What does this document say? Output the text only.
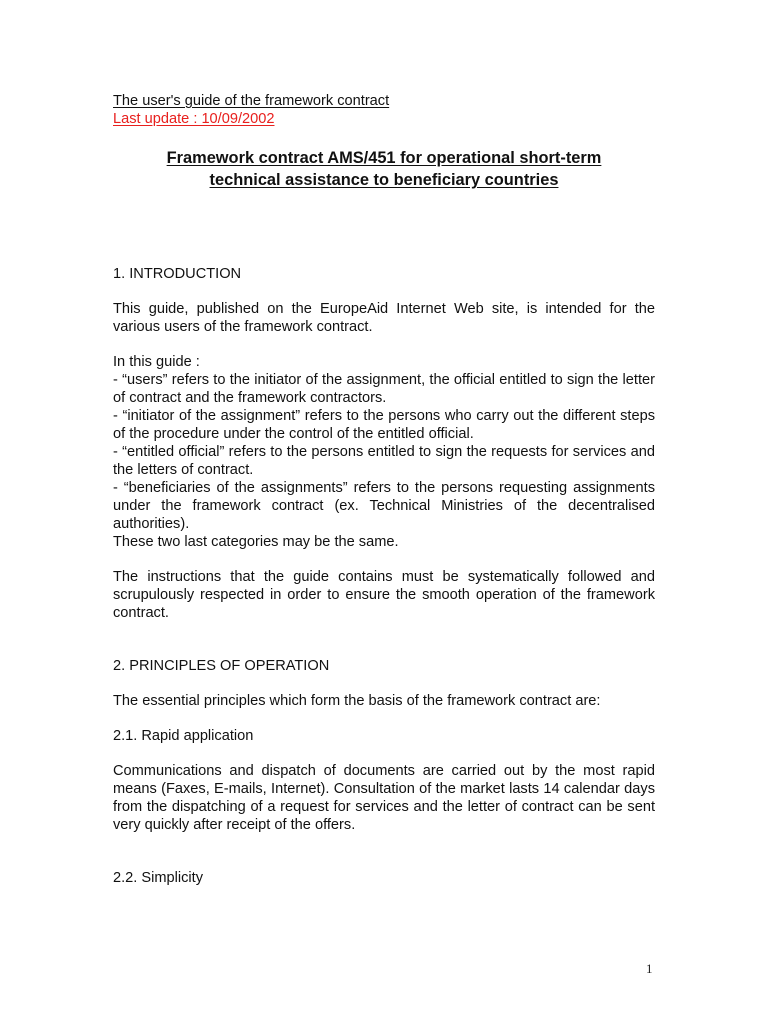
The user's guide of the framework contract

Last update : 10/09/2002

Framework contract AMS/451 for operational short-term

technical assistance to beneficiary countries

1. INTRODUCTION

This guide, published on the EuropeAid Internet Web site, is intended for the various users of the framework contract.

In this guide :

- “users” refers to the initiator of the assignment, the official entitled to sign the letter of contract and the framework contractors.

- “initiator of the assignment” refers to the persons who carry out the different steps of the procedure under the control of the entitled official.

- “entitled official” refers to the persons entitled to sign the requests for services and the letters of contract.

- “beneficiaries of the assignments” refers to the persons requesting assignments under the framework contract (ex. Technical Ministries of the decentralised authorities).

These two last categories may be the same.

The instructions that the guide contains must be systematically followed and scrupulously respected in order to ensure the smooth operation of the framework contract.

2. PRINCIPLES OF OPERATION

The essential principles which form the basis of the framework contract are:

2.1. Rapid application

Communications and dispatch of documents are carried out by the most rapid means (Faxes, E-mails, Internet). Consultation of the market lasts 14 calendar days from the dispatching of a request for services and the letter of contract can be sent very quickly after receipt of the offers.

2.2. Simplicity

1
